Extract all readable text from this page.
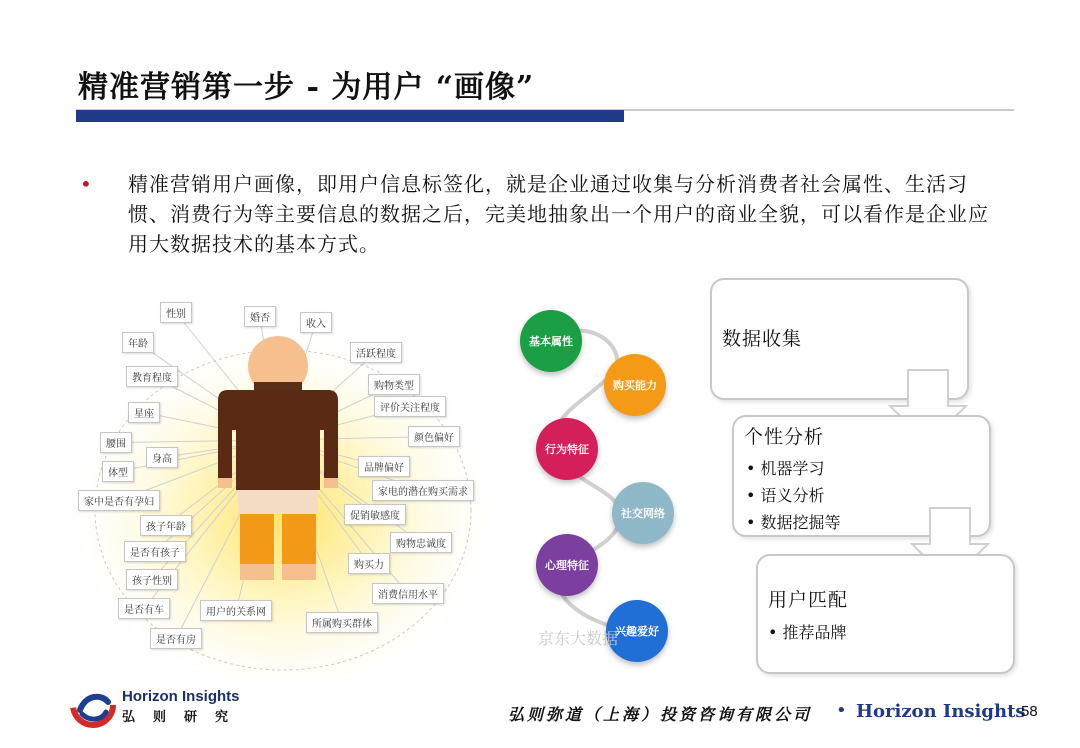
精准营销第一步 - 为用户 “画像”
• 精准营销用户画像，即用户信息标签化，就是企业通过收集与分析消费者社会属性、生活习惯、消费行为等主要信息的数据之后，完美地抽象出一个用户的商业全貌，可以看作是企业应用大数据技术的基本方式。
性别	婚否
收入
年龄
活跃程度
教育程度
购物类型
评价关注程度
星座
颜色偏好
腰围
身高
品牌偏好
体型
家电的潜在购买需求
家中是否有孕妇
促销敏感度
孩子年龄
购物忠诚度
是否有孩子
购买力
孩子性别
消费信用水平
是否有车	用户的关系网
所属购买群体
是否有房
基本属性
购买能力
行为特征
社交网络
心理特征
兴趣爱好
京东大数据
数据收集
个性分析
• 机器学习
• 语义分析
• 数据挖掘等
用户匹配
• 推荐品牌
Horizon Insights
弘则研究	弘则弥道（上海）投资咨询有限公司 • Horizon Insights
58
